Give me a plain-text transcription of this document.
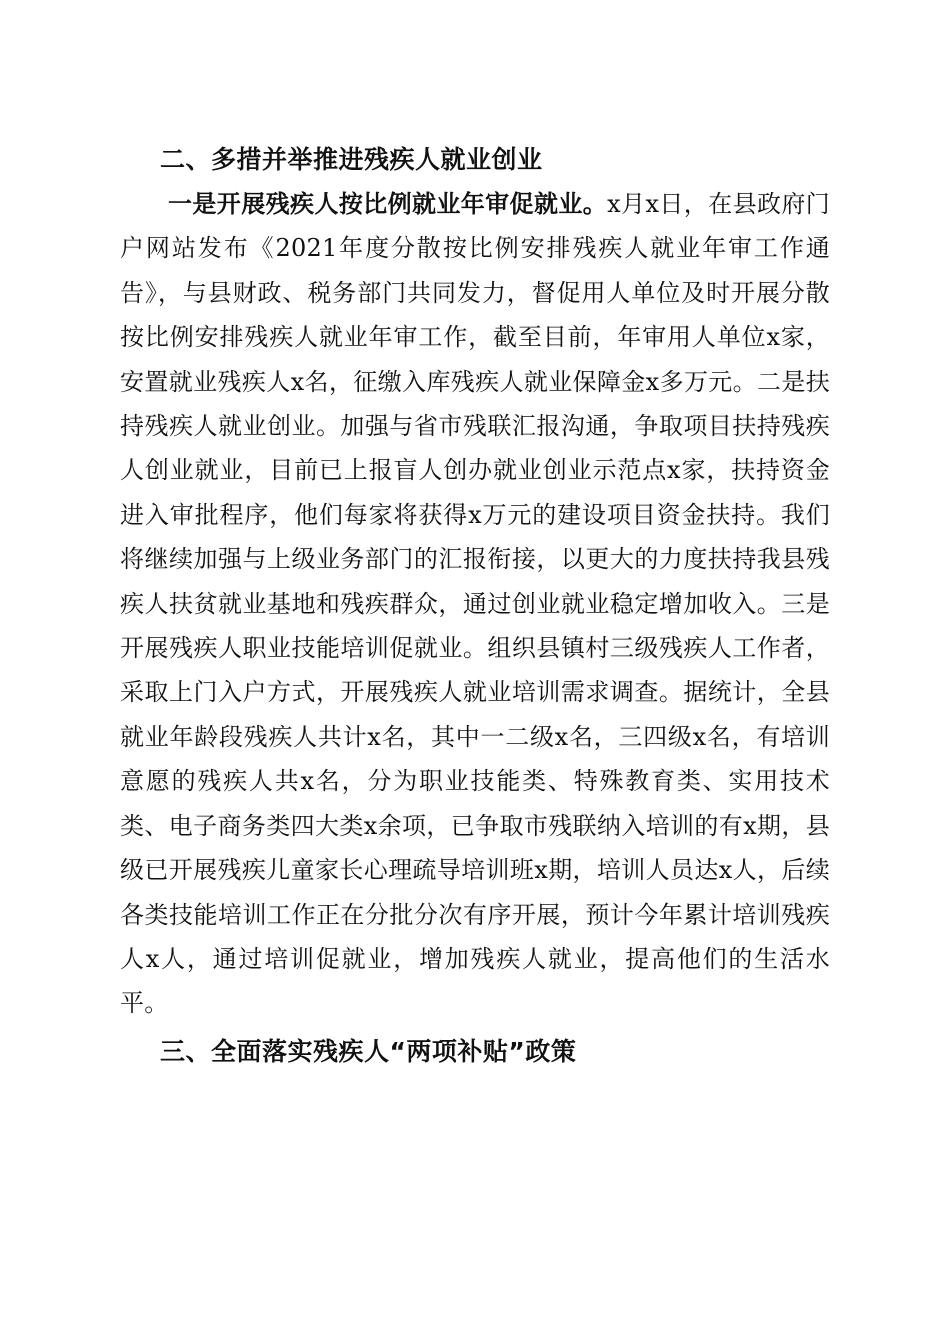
二、多措并举推进残疾人就业创业

一是开展残疾人按比例就业年审促就业。x月x日，在县政府门户网站发布《2021年度分散按比例安排残疾人就业年审工作通告》，与县财政、税务部门共同发力，督促用人单位及时开展分散按比例安排残疾人就业年审工作，截至目前，年审用人单位x家，安置就业残疾人x名，征缴入库残疾人就业保障金x多万元。二是扶持残疾人就业创业。加强与省市残联汇报沟通，争取项目扶持残疾人创业就业，目前已上报盲人创办就业创业示范点x家，扶持资金进入审批程序，他们每家将获得x万元的建设项目资金扶持。我们将继续加强与上级业务部门的汇报衔接，以更大的力度扶持我县残疾人扶贫就业基地和残疾群众，通过创业就业稳定增加收入。三是开展残疾人职业技能培训促就业。组织县镇村三级残疾人工作者，采取上门入户方式，开展残疾人就业培训需求调查。据统计，全县就业年龄段残疾人共计x名，其中一二级x名，三四级x名，有培训意愿的残疾人共x名，分为职业技能类、特殊教育类、实用技术类、电子商务类四大类x余项，已争取市残联纳入培训的有x期，县级已开展残疾儿童家长心理疏导培训班x期，培训人员达x人，后续各类技能培训工作正在分批分次有序开展，预计今年累计培训残疾人x人，通过培训促就业，增加残疾人就业，提高他们的生活水平。

三、全面落实残疾人“两项补贴”政策
